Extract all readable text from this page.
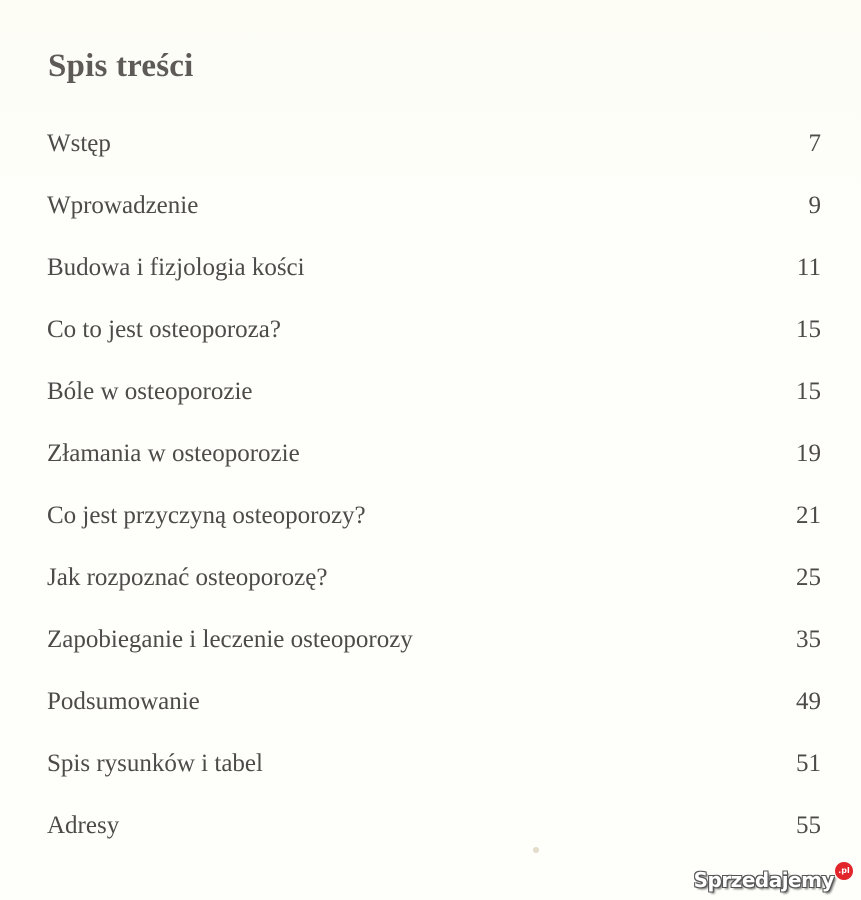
Spis treści
Wstęp	7
Wprowadzenie	9
Budowa i fizjologia kości	11
Co to jest osteoporoza?	15
Bóle w osteoporozie	15
Złamania w osteoporozie	19
Co jest przyczyną osteoporozy?	21
Jak rozpoznać osteoporozę?	25
Zapobieganie i leczenie osteoporozy	35
Podsumowanie	49
Spis rysunków i tabel	51
Adresy	55
Sprzedajemy .pl
